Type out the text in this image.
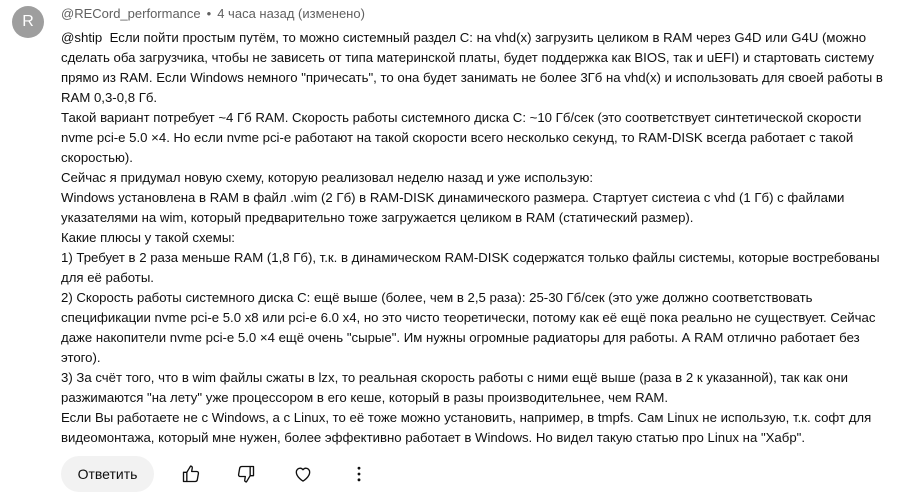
R	@RECord_performance • 4 часа назад (изменено)

@shtip Если пойти простым путём, то можно системный раздел C: на vhd(x) загрузить целиком в RAM через G4D или G4U (можно сделать оба загрузчика, чтобы не зависеть от типа материнской платы, будет поддержка как BIOS, так и uEFI) и стартовать систему прямо из RAM. Если Windows немного "причесать", то она будет занимать не более 3Гб на vhd(x) и использовать для своей работы в RAM 0,3-0,8 Гб.

Такой вариант потребует ~4 Гб RAM. Скорость работы системного диска C: ~10 Гб/сек (это соответствует синтетической скорости nvme pci-e 5.0 ×4. Но если nvme pci-e работают на такой скорости всего несколько секунд, то RAM-DISK всегда работает с такой скоростью).

Сейчас я придумал новую схему, которую реализовал неделю назад и уже использую:

Windows установлена в RAM в файл .wim (2 Гб) в RAM-DISK динамического размера. Стартует систеиа с vhd (1 Гб) с файлами указателями на wim, который предварительно тоже загружается целиком в RAM (статический размер).

Какие плюсы у такой схемы:

1) Требует в 2 раза меньше RAM (1,8 Гб), т.к. в динамическом RAM-DISK содержатся только файлы системы, которые востребованы для её работы.

2) Скорость работы системного диска C: ещё выше (более, чем в 2,5 раза): 25-30 Гб/сек (это уже должно соответствовать спецификации nvme pci-e 5.0 x8 или pci-e 6.0 x4, но это чисто теоретически, потому как её ещё пока реально не существует. Сейчас даже накопители nvme pci-e 5.0 ×4 ещё очень "сырые". Им нужны огромные радиаторы для работы. А RAM отлично работает без этого).

3) За счёт того, что в wim файлы сжаты в lzx, то реальная скорость работы с ними ещё выше (раза в 2 к указанной), так как они разжимаются "на лету" уже процессором в его кеше, который в разы производительнее, чем RAM.

Если Вы работаете не с Windows, а с Linux, то её тоже можно установить, например, в tmpfs. Сам Linux не использую, т.к. софт для видеомонтажа, который мне нужен, более эффективно работает в Windows. Но видел такую статью про Linux на "Хабр".

Ответить
